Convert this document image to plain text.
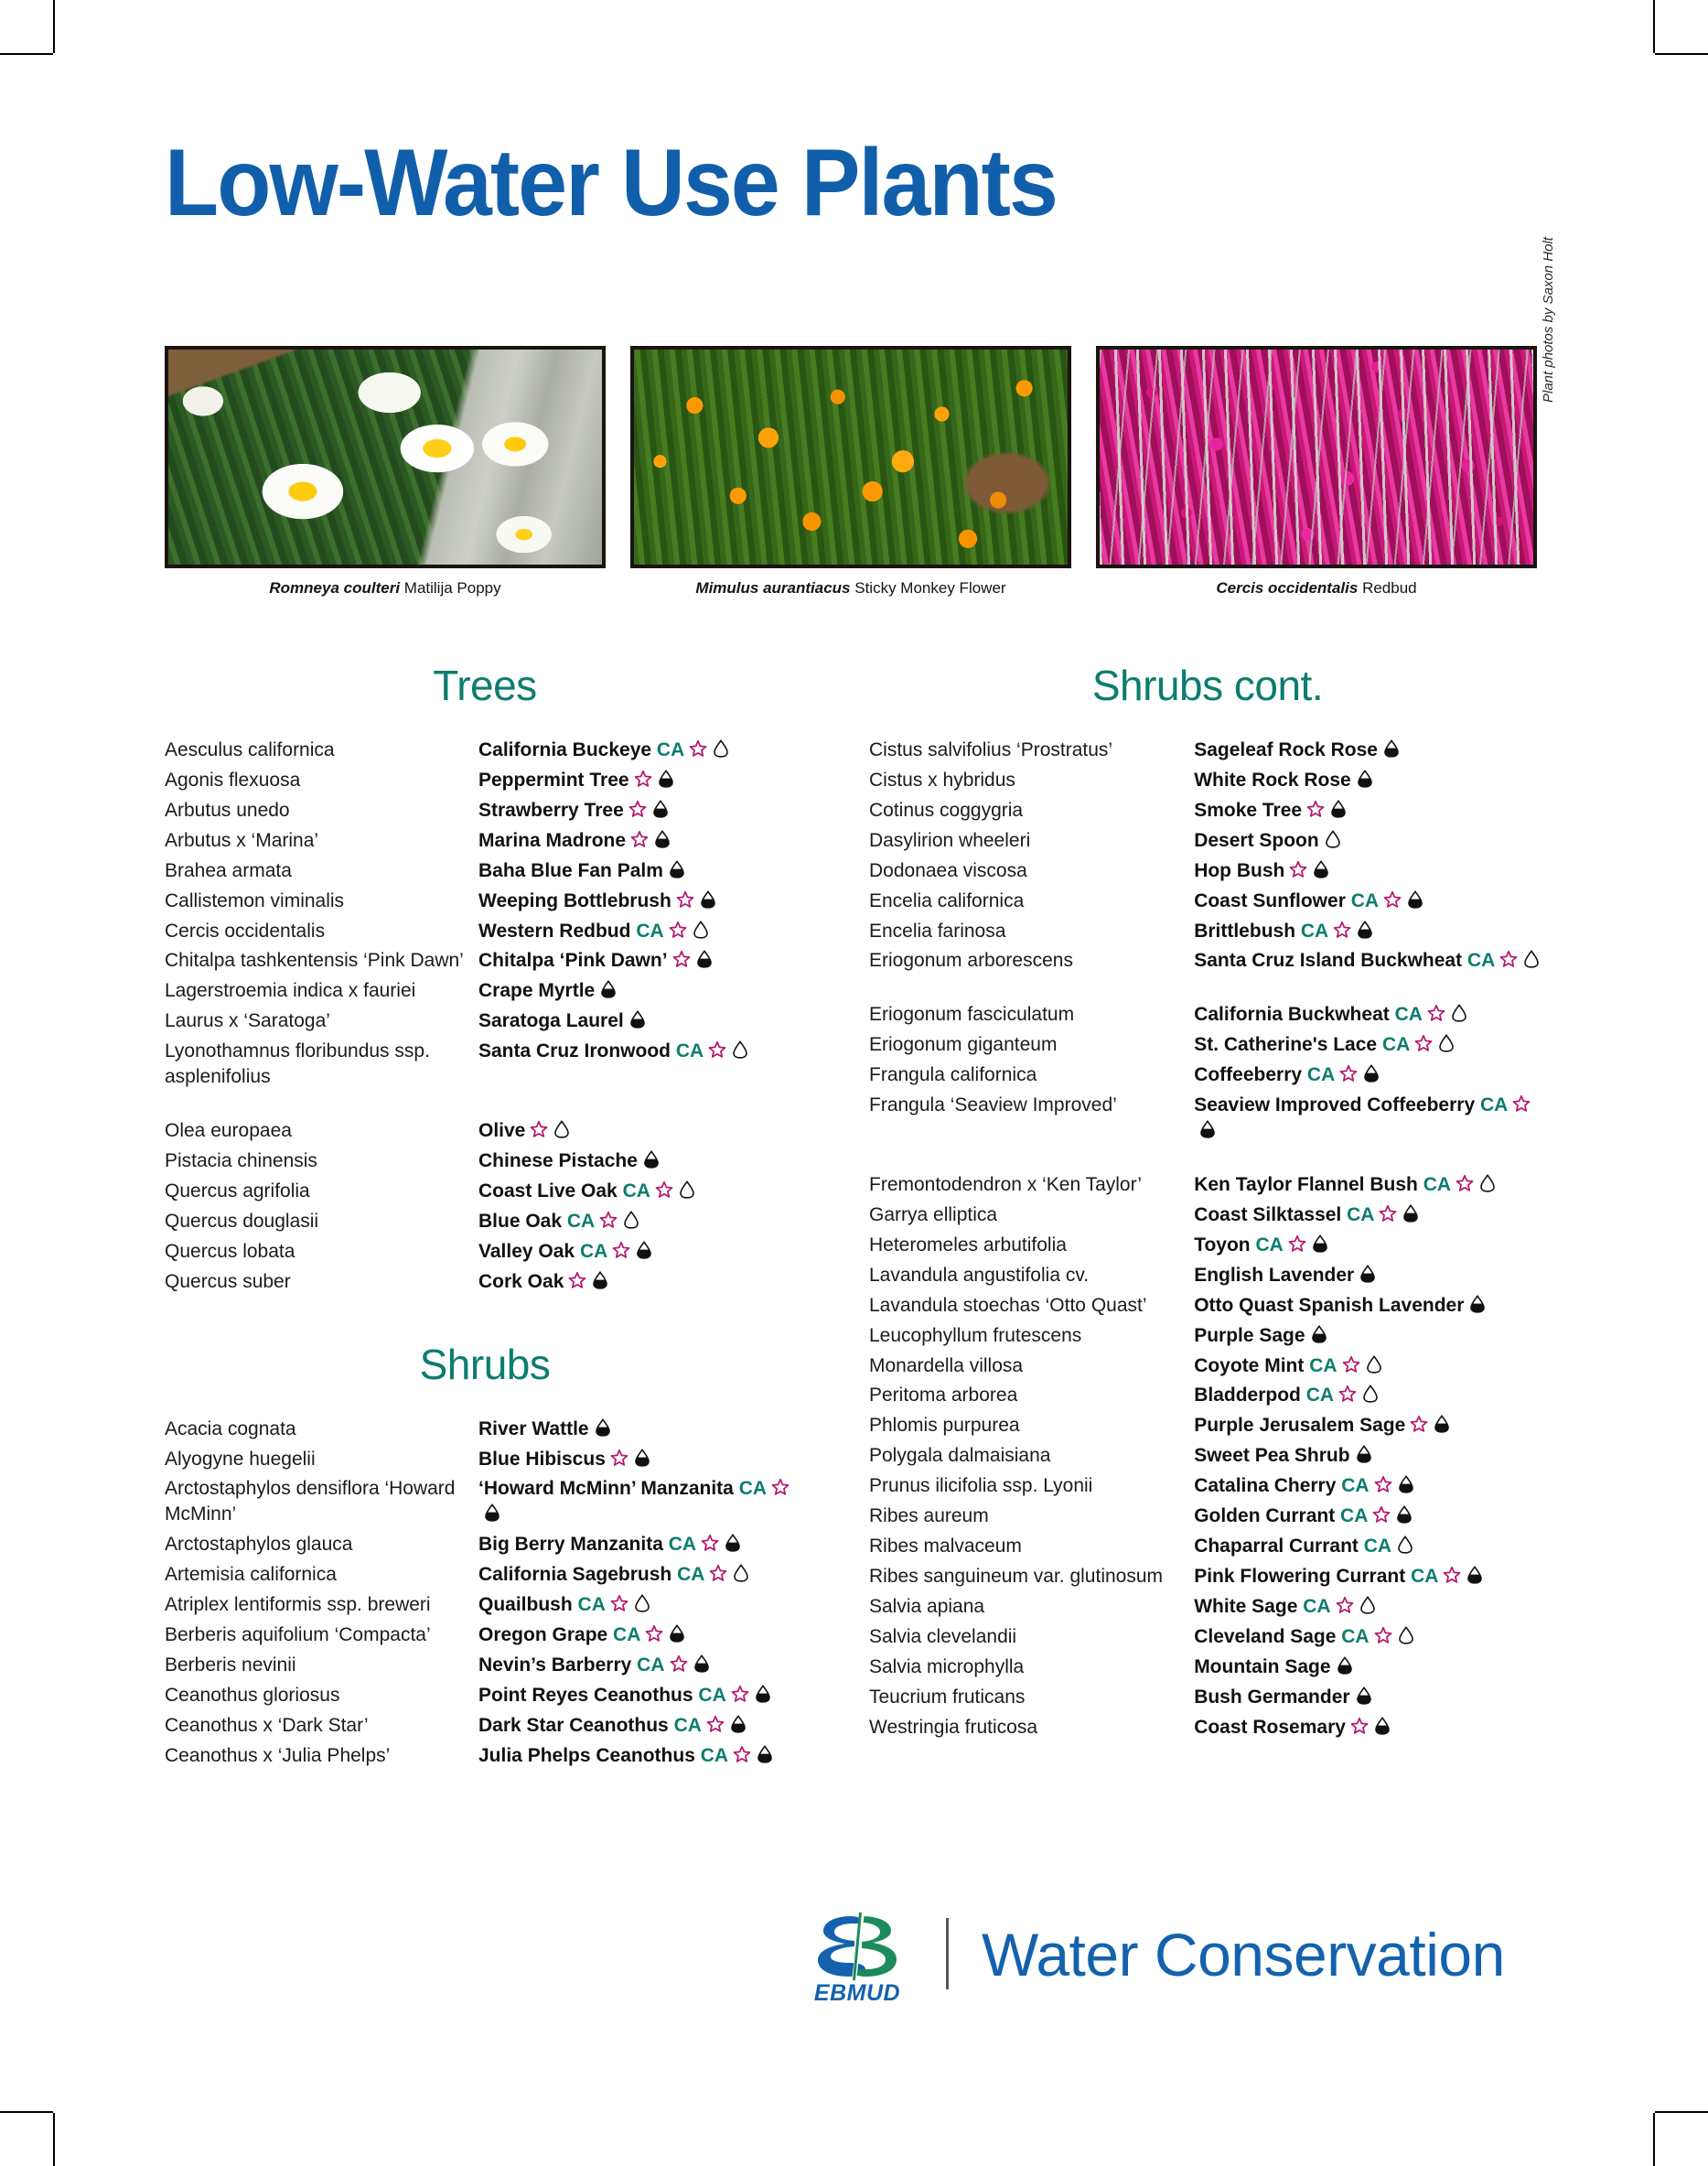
Low-Water Use Plants
Romneya coulteri Matilija Poppy	Mimulus aurantiacus Sticky Monkey Flower	Cercis occidentalis Redbud
Plant photos by Saxon Holt
Trees
Aesculus californica	California Buckeye CA

Agonis flexuosa	Peppermint Tree

Arbutus unedo	Strawberry Tree

Arbutus x ‘Marina’	Marina Madrone

Brahea armata	Baha Blue Fan Palm

Callistemon viminalis	Weeping Bottlebrush

Cercis occidentalis	Western Redbud CA

Chitalpa tashkentensis ‘Pink Dawn’	Chitalpa ‘Pink Dawn’

Lagerstroemia indica x fauriei	Crape Myrtle

Laurus x ‘Saratoga’	Saratoga Laurel

Lyonothamnus floribundus ssp. asplenifolius	Santa Cruz Ironwood CA

Olea europaea	Olive

Pistacia chinensis	Chinese Pistache

Quercus agrifolia	Coast Live Oak CA

Quercus douglasii	Blue Oak CA

Quercus lobata	Valley Oak CA

Quercus suber	Cork Oak
Shrubs
Acacia cognata	River Wattle

Alyogyne huegelii	Blue Hibiscus

Arctostaphylos densiflora ‘Howard McMinn’	‘Howard McMinn’ Manzanita CA

Arctostaphylos glauca	Big Berry Manzanita CA

Artemisia californica	California Sagebrush CA

Atriplex lentiformis ssp. breweri	Quailbush CA

Berberis aquifolium ‘Compacta’	Oregon Grape CA

Berberis nevinii	Nevin’s Barberry CA

Ceanothus gloriosus	Point Reyes Ceanothus CA

Ceanothus x ‘Dark Star’	Dark Star Ceanothus CA

Ceanothus x ‘Julia Phelps’	Julia Phelps Ceanothus CA
Shrubs cont.
Cistus salvifolius ‘Prostratus’	Sageleaf Rock Rose

Cistus x hybridus	White Rock Rose

Cotinus coggygria	Smoke Tree

Dasylirion wheeleri	Desert Spoon

Dodonaea viscosa	Hop Bush

Encelia californica	Coast Sunflower CA

Encelia farinosa	Brittlebush CA

Eriogonum arborescens	Santa Cruz Island Buckwheat CA

Eriogonum fasciculatum	California Buckwheat CA

Eriogonum giganteum	St. Catherine's Lace CA

Frangula californica	Coffeeberry CA

Frangula ‘Seaview Improved’	Seaview Improved Coffeeberry CA

Fremontodendron x ‘Ken Taylor’	Ken Taylor Flannel Bush CA

Garrya elliptica	Coast Silktassel CA

Heteromeles arbutifolia	Toyon CA

Lavandula angustifolia cv.	English Lavender

Lavandula stoechas ‘Otto Quast’	Otto Quast Spanish Lavender

Leucophyllum frutescens	Purple Sage

Monardella villosa	Coyote Mint CA

Peritoma arborea	Bladderpod CA

Phlomis purpurea	Purple Jerusalem Sage

Polygala dalmaisiana	Sweet Pea Shrub

Prunus ilicifolia ssp. Lyonii	Catalina Cherry CA

Ribes aureum	Golden Currant CA

Ribes malvaceum	Chaparral Currant CA

Ribes sanguineum var. glutinosum	Pink Flowering Currant CA

Salvia apiana	White Sage CA

Salvia clevelandii	Cleveland Sage CA

Salvia microphylla	Mountain Sage

Teucrium fruticans	Bush Germander

Westringia fruticosa	Coast Rosemary
EBMUD
Water Conservation
